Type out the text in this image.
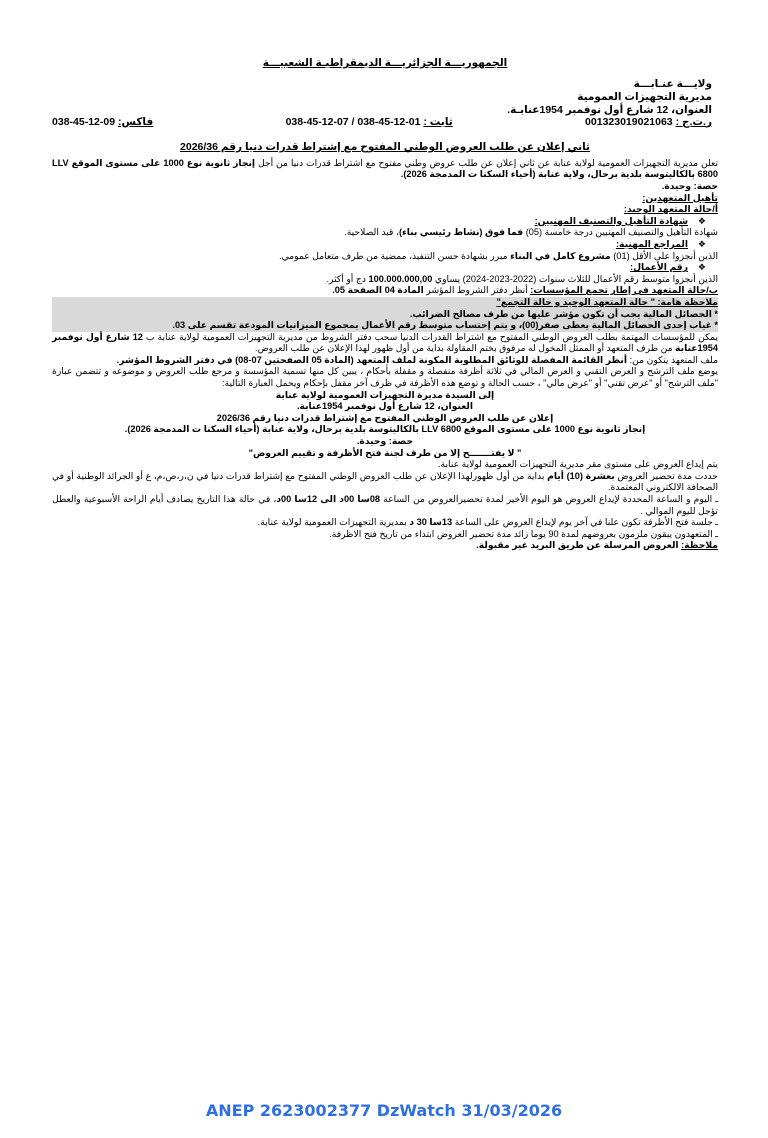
الجمهوريـــة الجزائريـــة الديمقراطيـة الشعبيـــة
ولايـــة عنـابـــة
مديرية التجهيزات العمومية
العنوان، 12 شارع أول نوفمبر 1954عنابـة.
ر.ت.ج : 001323019021063
ثابت : 038-45-12-07 / 038-45-12-01
فاكس: 038-45-12-09
ثاني إعلان عن طلب العروض الوطني المفتوح مع إشتراط قدرات دنيا رقم 2026/36

تعلن مديرية التجهيزات العمومية لولاية عنابة عن ثاني إعلان عن طلب عروض وطني مفتوح مع اشتراط قدرات دنيا من أجل إنجاز ثانوية نوع 1000 على مستوى الموقع LLV 6800 بالكاليتوسة بلدية برحال، ولاية عنابة (أحياء السكنا ت المدمجة 2026).

حصة: وحيدة.

تأهيل المتعهدين:

أ/حالة المتعهد الوحيد:

❖ شهادة التأهيل والتصنيف المهنيين:

شهادة التأهيل والتصنيف المهنيين درجة خامسة (05) فما فوق (نشاط رئيسي بناء)، قيد الصلاحية.

❖ المراجع المهنية:

الذين أنجزوا على الأقل (01) مشروع كامل في البناء مبرر بشهادة حسن التنفيذ، ممضية من طرف متعامل عمومي.

❖ رقم الأعمال:

الذين أنجزوا متوسط رقم الأعمال للثلاث سنوات (2022-2023-2024) يساوي 100.000.000,00 دج أو أكثر.

ب/حالة المتعهد في إطار تجمع المؤسسات: أنظر دفتر الشروط المؤشر المادة 04 الصفحة 05.

ملاحظة هامة: " حالة المتعهد الوحيد و حالة التجمع"

* الحصائل المالية يجب أن تكون مؤشر عليها من طرف مصالح الضرائب.

* غياب إحدى الحصائل المالية يعطى صفر(00)، و يتم إحتساب متوسط رقم الأعمال بمجموع الميزانيات المودعة تقسم على 03.

يمكن للمؤسسات المهتمة بطلب العروض الوطني المفتوح مع اشتراط القدرات الدنيا سحب دفتر الشروط من مديرية التجهيزات العمومية لولاية عنابة ب 12 شارع أول نوفمبر 1954عنابة من طرف المتعهد أو الممثل المخول له مرفوق بختم المقاولة بداية من أول ظهور لهذا الإعلان عن طلب العروض.

ملف المتعهد يتكون من: أنظر القائمة المفصلة للوثائق المطلوبة المكونة لملف المتعهد (المادة 05 الصفحتين 07-08) في دفتر الشروط المؤشر.

يوضع ملف الترشح و العرض التقني و العرض المالي في ثلاثة أظرفة منفصلة و مقفلة بأحكام ، يبين كل منها تسمية المؤسسة و مرجع طلب العروض و موضوعه و تتضمن عبارة "ملف الترشح" أو "عرض تقني" أو "عرض مالي" ، حسب الحالة و توضع هذه الأظرفة في ظرف آخر مقفل بإحكام ويحمل العبارة التالية:

إلى السيدة مديرة التجهيزات العمومية لولاية عنابة
العنوان، 12 شارع أول نوفمبر 1954عنابة.
إعلان عن طلب العروض الوطني المفتوح مع إشتراط قدرات دنيا رقم 2026/36
إنجاز ثانوية نوع 1000 على مستوى الموقع LLV 6800 بالكاليتوسة بلدية برحال، ولاية عنابة (أحياء السكنا ت المدمجة 2026).
حصة: وحيدة.
" لا يفتـــــــح إلا من طرف لجنة فتح الأظرفة و تقييم العروض"

يتم إيداع العروض على مستوى مقر مديرية التجهيزات العمومية لولاية عنابة.

حددت مدة تحضير العروض بعشرة (10) أيام بداية من أول ظهورلهذا الإعلان عن طلب العروض الوطني المفتوح مع إشتراط قدرات دنيا في ن،ر،ص،م، ع أو الجرائد الوطنية أو في الصحافة الالكتروني المعتمدة.

ـ اليوم و الساعة المحددة لإيداع العروض هو اليوم الأخير لمدة تحضيرالعروض من الساعة 08سا 00د الى 12سا 00د، في حالة هذا التاريخ يصادف أيام الراحة الأسبوعية والعطل تؤجل لليوم الموالي .

ـ جلسة فتح الأظرفة تكون علنا في آخر يوم لإيداع العروض على الساعة 13سا 30 د بمديرية التجهيزات العمومية لولاية عنابة.

ـ المتعهدون يبقون ملزمون بعروضهم لمدة 90 يوما زائد مدة تحضير العروض ابتداء من تاريخ فتح الاظرفة.

ملاحظة: العروض المرسلة عن طريق البريد غير مقبولة.

ANEP 2623002377 DzWatch 31/03/2026
